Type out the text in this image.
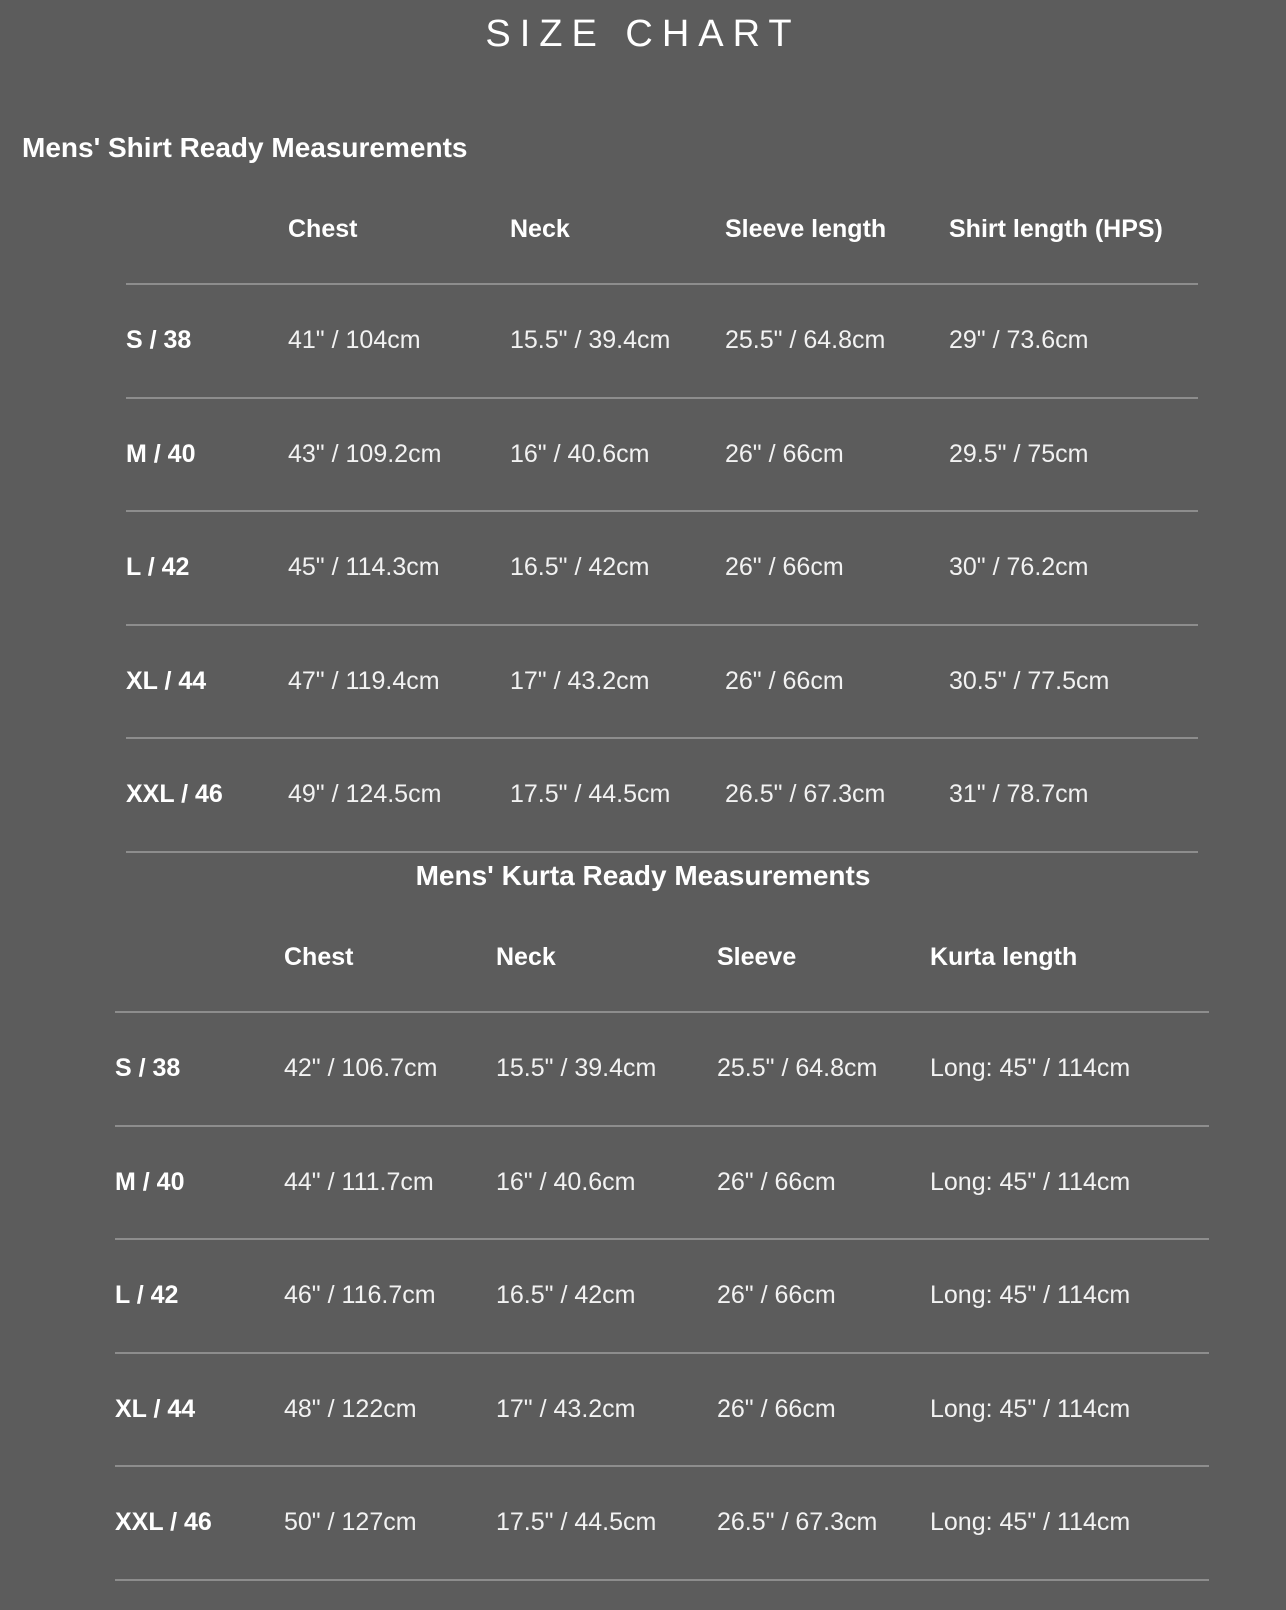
SIZE CHART
Mens' Shirt Ready Measurements
	Chest	Neck	Sleeve length	Shirt length (HPS)
S / 38	41" / 104cm	15.5" / 39.4cm	25.5" / 64.8cm	29" / 73.6cm
M / 40	43" / 109.2cm	16" / 40.6cm	26" / 66cm	29.5" / 75cm
L / 42	45" / 114.3cm	16.5" / 42cm	26" / 66cm	30" / 76.2cm
XL / 44	47" / 119.4cm	17" / 43.2cm	26" / 66cm	30.5" / 77.5cm
XXL / 46	49" / 124.5cm	17.5" / 44.5cm	26.5" / 67.3cm	31" / 78.7cm
Mens' Kurta Ready Measurements
	Chest	Neck	Sleeve	Kurta length
S / 38	42" / 106.7cm	15.5" / 39.4cm	25.5" / 64.8cm	Long: 45" / 114cm
M / 40	44" / 111.7cm	16" / 40.6cm	26" / 66cm	Long: 45" / 114cm
L / 42	46" / 116.7cm	16.5" / 42cm	26" / 66cm	Long: 45" / 114cm
XL / 44	48" / 122cm	17" / 43.2cm	26" / 66cm	Long: 45" / 114cm
XXL / 46	50" / 127cm	17.5" / 44.5cm	26.5" / 67.3cm	Long: 45" / 114cm
